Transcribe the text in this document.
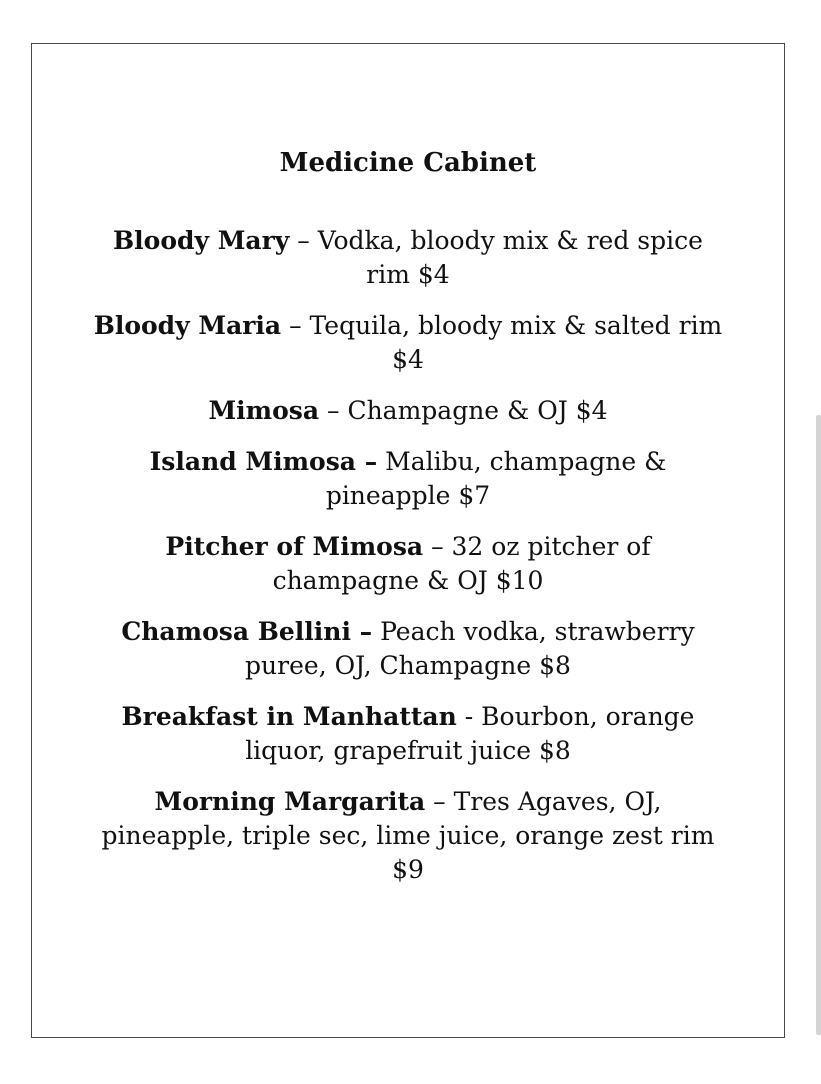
Medicine Cabinet
Bloody Mary – Vodka, bloody mix & red spice rim $4
Bloody Maria – Tequila, bloody mix & salted rim $4
Mimosa – Champagne & OJ $4
Island Mimosa – Malibu, champagne & pineapple $7
Pitcher of Mimosa – 32 oz pitcher of champagne & OJ $10
Chamosa Bellini – Peach vodka, strawberry puree, OJ, Champagne $8
Breakfast in Manhattan - Bourbon, orange liquor, grapefruit juice $8
Morning Margarita – Tres Agaves, OJ, pineapple, triple sec, lime juice, orange zest rim $9
